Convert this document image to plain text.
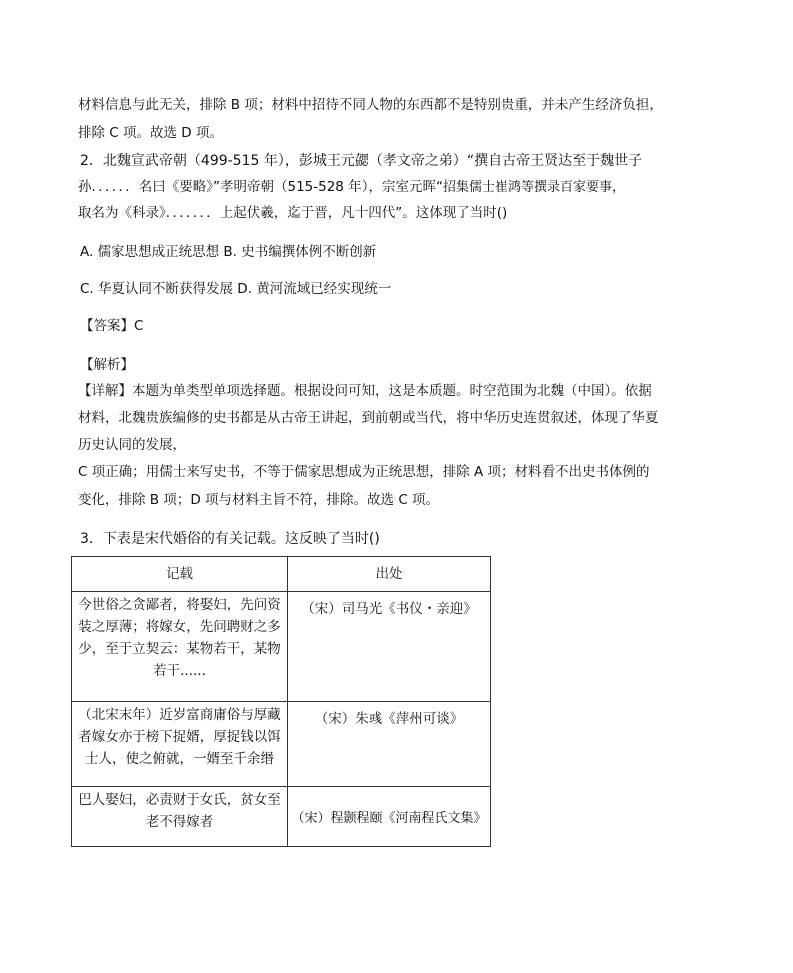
材料信息与此无关，排除 B 项；材料中招待不同人物的东西都不是特别贵重，并未产生经济负担，
排除 C 项。故选 D 项。
2．北魏宣武帝朝（499-515 年），彭城王元勰（孝文帝之弟）“撰自古帝王贤达至于魏世子
孙．．．．．．名曰《要略》”孝明帝朝（515-528 年），宗室元晖“招集儒士崔鸿等撰录百家要事，
取名为《科录》．．．．．．．上起伏羲，迄于晋，凡十四代”。这体现了当时()
A. 儒家思想成正统思想 B. 史书编撰体例不断创新
C. 华夏认同不断获得发展 D. 黄河流域已经实现统一
【答案】C
【解析】
【详解】本题为单类型单项选择题。根据设问可知，这是本质题。时空范围为北魏（中国）。依据
材料，北魏贵族编修的史书都是从古帝王讲起，到前朝或当代，将中华历史连贯叙述，体现了华夏
历史认同的发展，
C 项正确；用儒士来写史书，不等于儒家思想成为正统思想，排除 A 项；材料看不出史书体例的
变化，排除 B 项；D 项与材料主旨不符，排除。故选 C 项。
3．下表是宋代婚俗的有关记载。这反映了当时()
记载	出处
今世俗之贪鄙者，将娶妇，先问资装之厚薄；将嫁女，先问聘财之多少，至于立契云：某物若干，某物若干......	（宋）司马光《书仪・亲迎》
（北宋末年）近岁富商庸俗与厚藏者嫁女亦于榜下捉婿，厚捉钱以饵士人，使之俯就，一婿至千余缗	（宋）朱彧《萍州可谈》
巴人娶妇，必责财于女氏，贫女至老不得嫁者	（宋）程颢程颐《河南程氏文集》
